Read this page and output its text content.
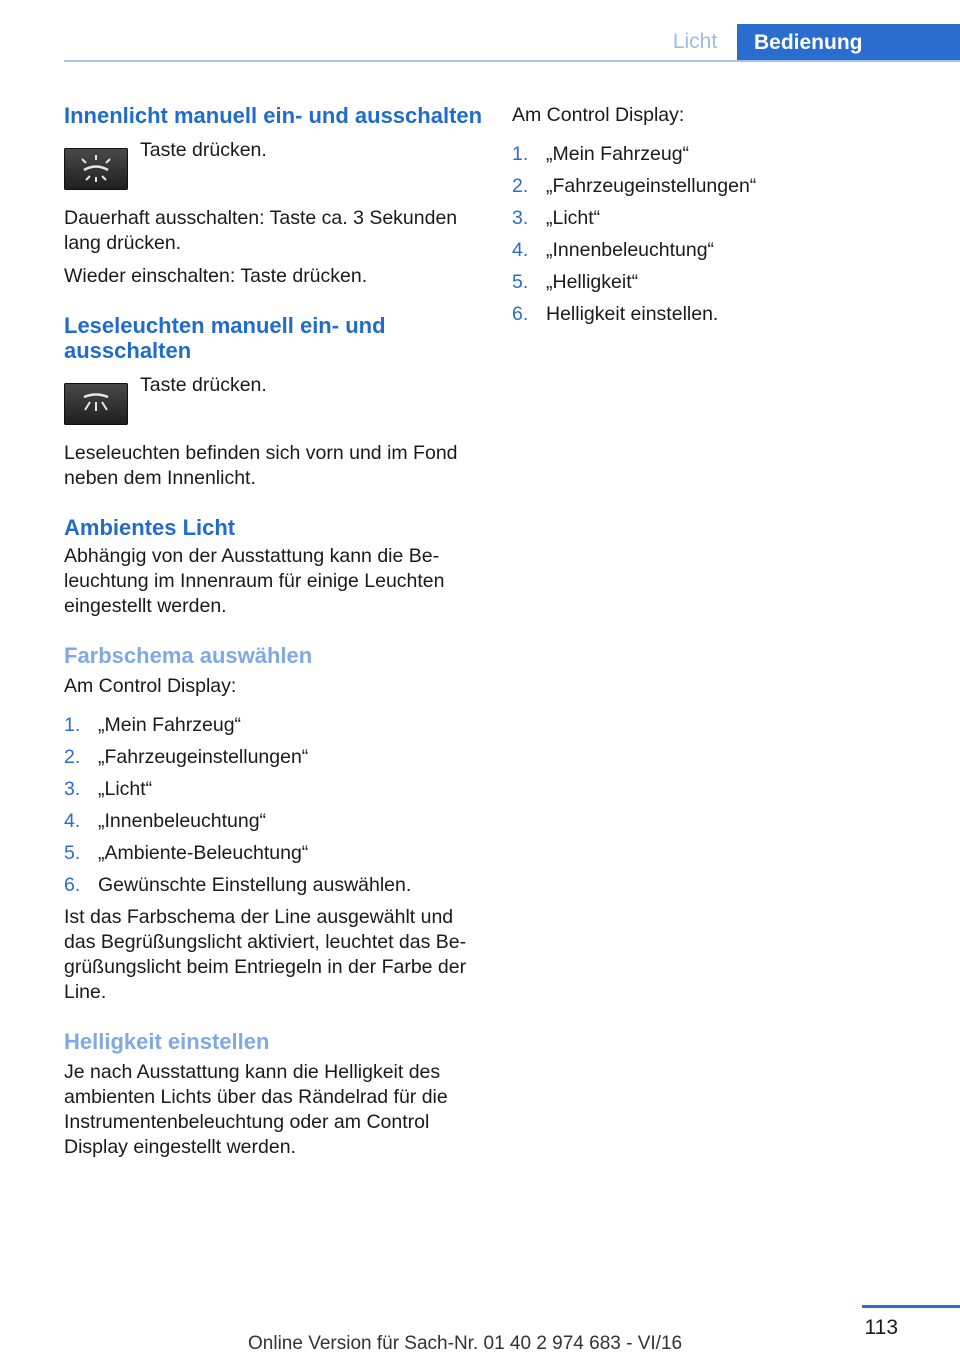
Licht	Bedienung
Innenlicht manuell ein- und ausschalten
Taste drücken.

Dauerhaft ausschalten: Taste ca. 3 Sekunden lang drücken.

Wieder einschalten: Taste drücken.

Leseleuchten manuell ein- und ausschalten
Taste drücken.

Leseleuchten befinden sich vorn und im Fond neben dem Innenlicht.

Ambientes Licht

Abhängig von der Ausstattung kann die Be-leuchtung im Innenraum für einige Leuchten eingestellt werden.

Farbschema auswählen

Am Control Display:

1. „Mein Fahrzeug“
2. „Fahrzeugeinstellungen“
3. „Licht“
4. „Innenbeleuchtung“
5. „Ambiente-Beleuchtung“
6. Gewünschte Einstellung auswählen.

Ist das Farbschema der Line ausgewählt und das Begrüßungslicht aktiviert, leuchtet das Be-grüßungslicht beim Entriegeln in der Farbe der Line.

Helligkeit einstellen

Je nach Ausstattung kann die Helligkeit des ambienten Lichts über das Rändelrad für die Instrumentenbeleuchtung oder am Control Display eingestellt werden.

Am Control Display:

1. „Mein Fahrzeug“
2. „Fahrzeugeinstellungen“
3. „Licht“
4. „Innenbeleuchtung“
5. „Helligkeit“
6. Helligkeit einstellen.
113
Online Version für Sach-Nr. 01 40 2 974 683 - VI/16
